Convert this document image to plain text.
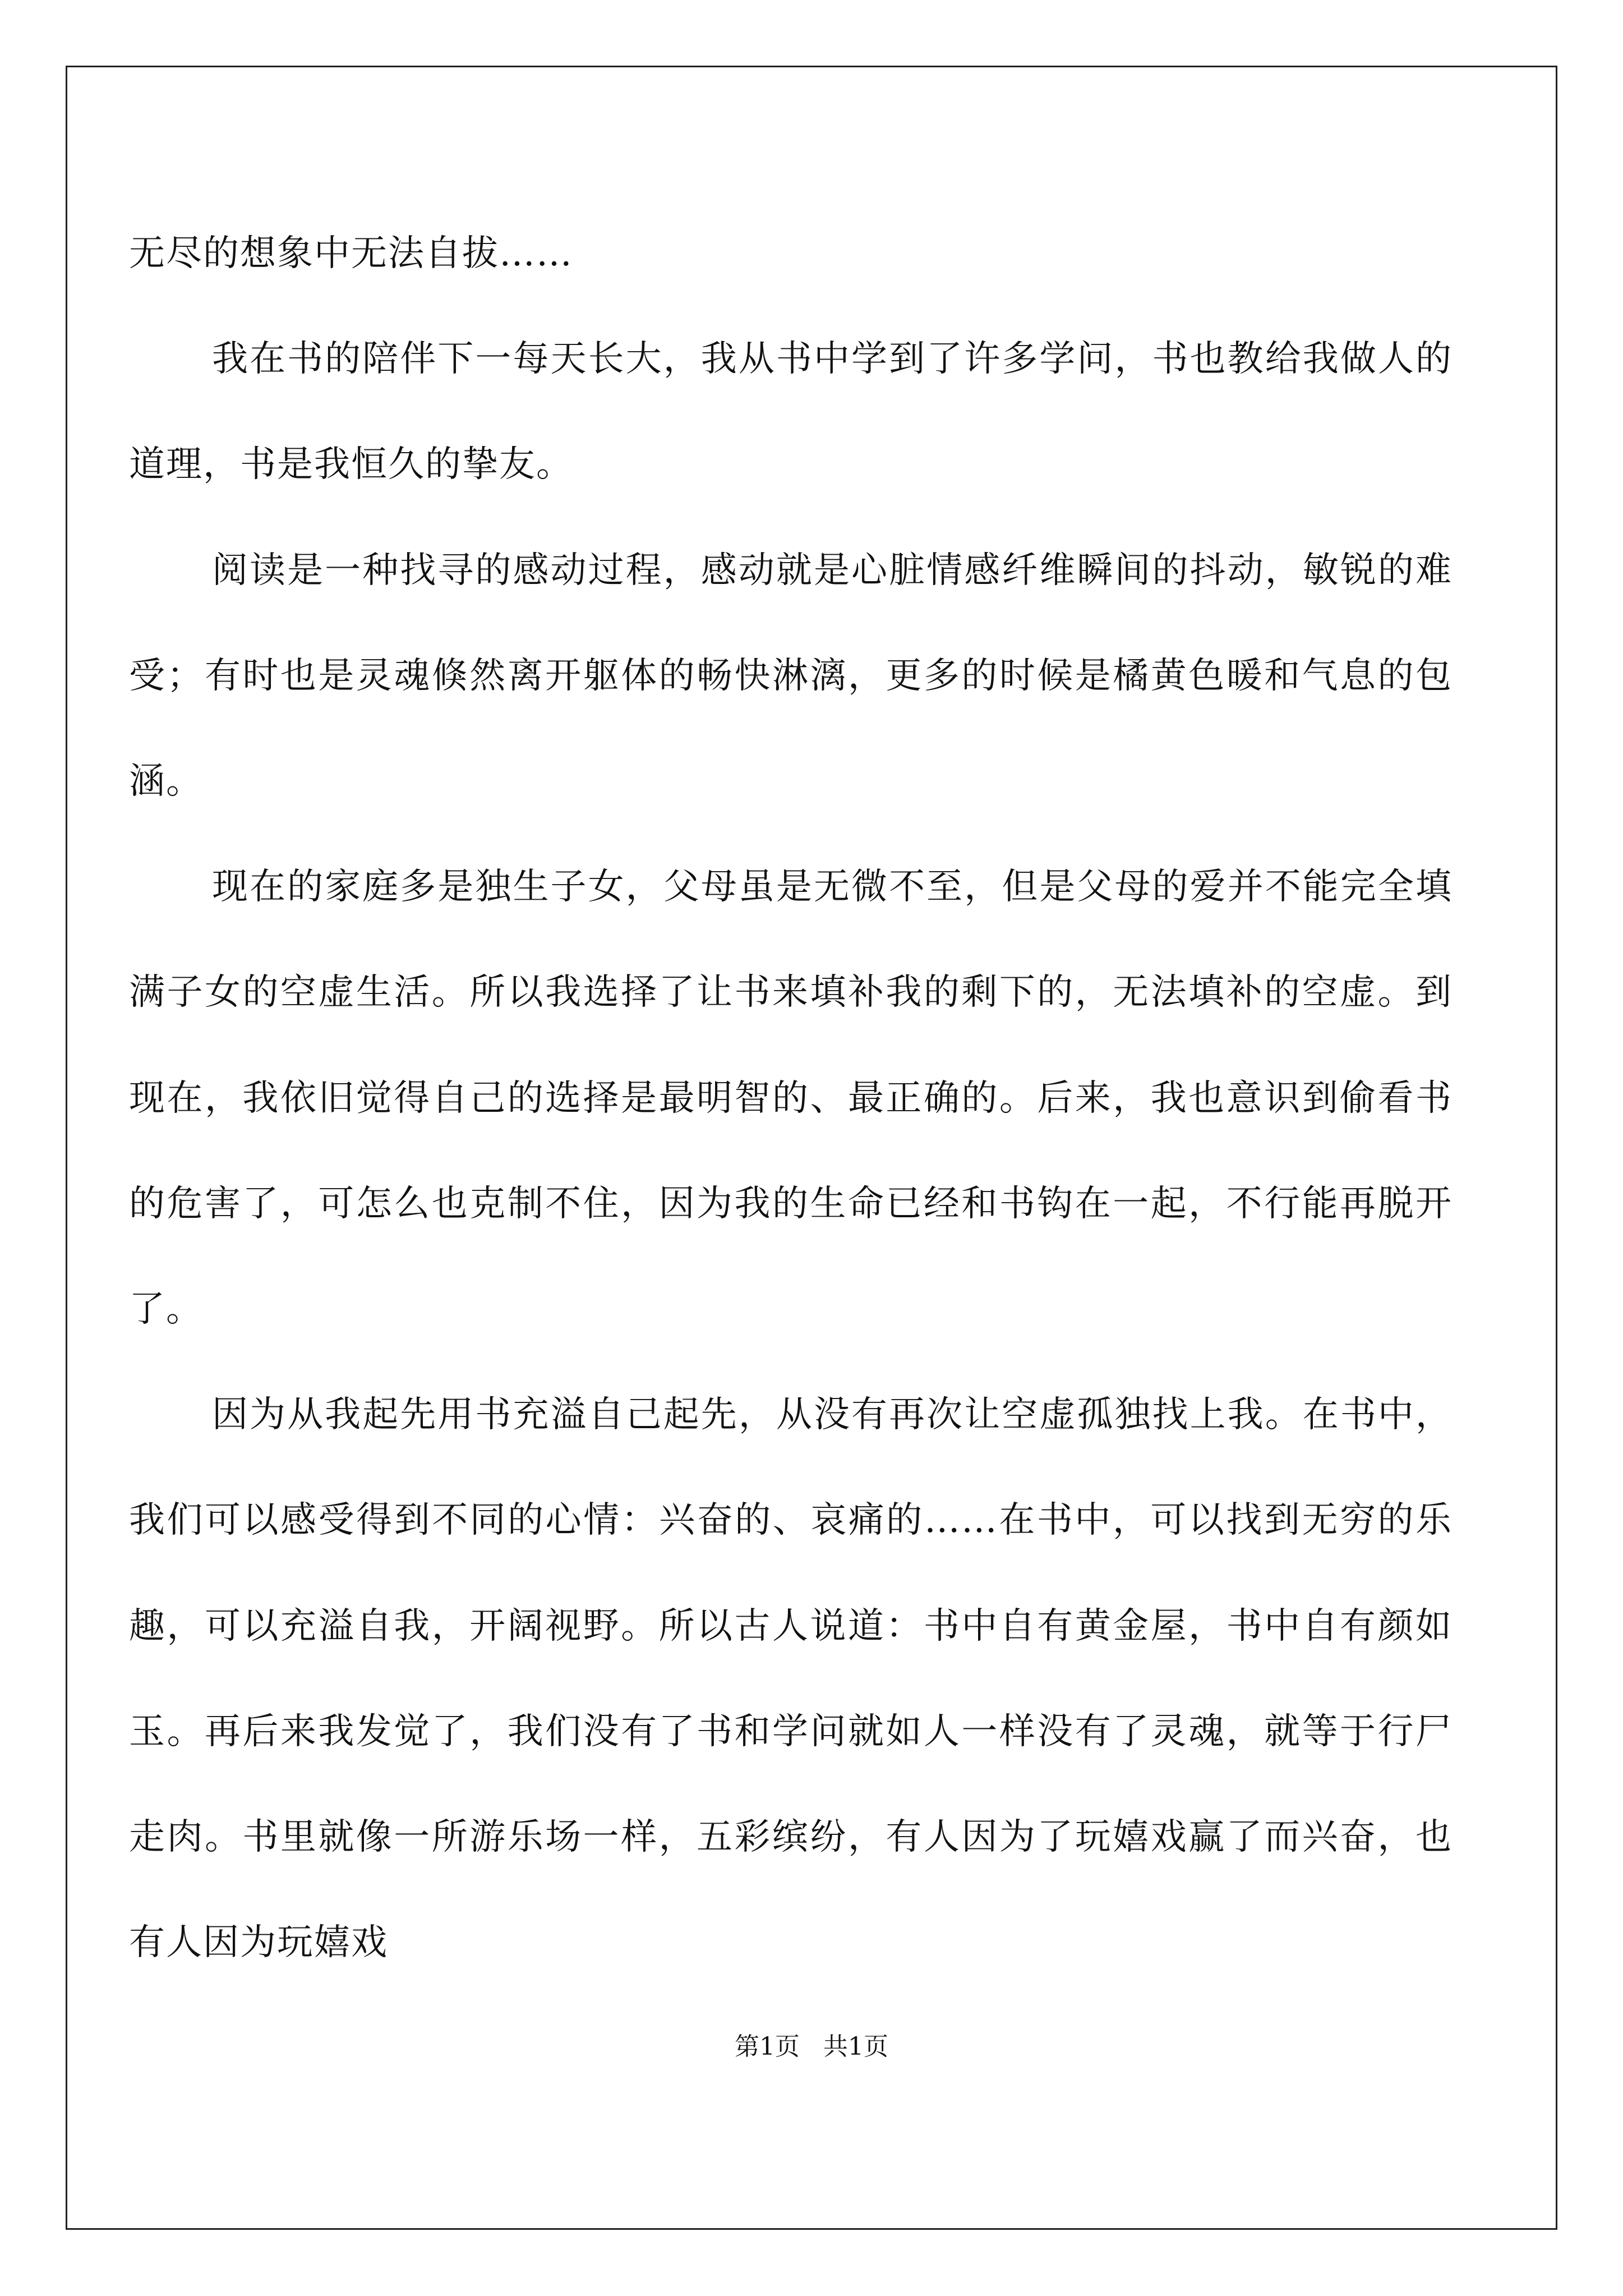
无尽的想象中无法自拔……

我在书的陪伴下一每天长大，我从书中学到了许多学问，书也教给我做人的道理，书是我恒久的挚友。

阅读是一种找寻的感动过程，感动就是心脏情感纤维瞬间的抖动，敏锐的难受；有时也是灵魂倏然离开躯体的畅快淋漓，更多的时候是橘黄色暖和气息的包涵。

现在的家庭多是独生子女，父母虽是无微不至，但是父母的爱并不能完全填满子女的空虚生活。所以我选择了让书来填补我的剩下的，无法填补的空虚。到现在，我依旧觉得自己的选择是最明智的、最正确的。后来，我也意识到偷看书的危害了，可怎么也克制不住，因为我的生命已经和书钩在一起，不行能再脱开了。

因为从我起先用书充溢自己起先，从没有再次让空虚孤独找上我。在书中，我们可以感受得到不同的心情：兴奋的、哀痛的……在书中，可以找到无穷的乐趣，可以充溢自我，开阔视野。所以古人说道：书中自有黄金屋，书中自有颜如玉。再后来我发觉了，我们没有了书和学问就如人一样没有了灵魂，就等于行尸走肉。书里就像一所游乐场一样，五彩缤纷，有人因为了玩嬉戏赢了而兴奋，也有人因为玩嬉戏

第1页   共1页
